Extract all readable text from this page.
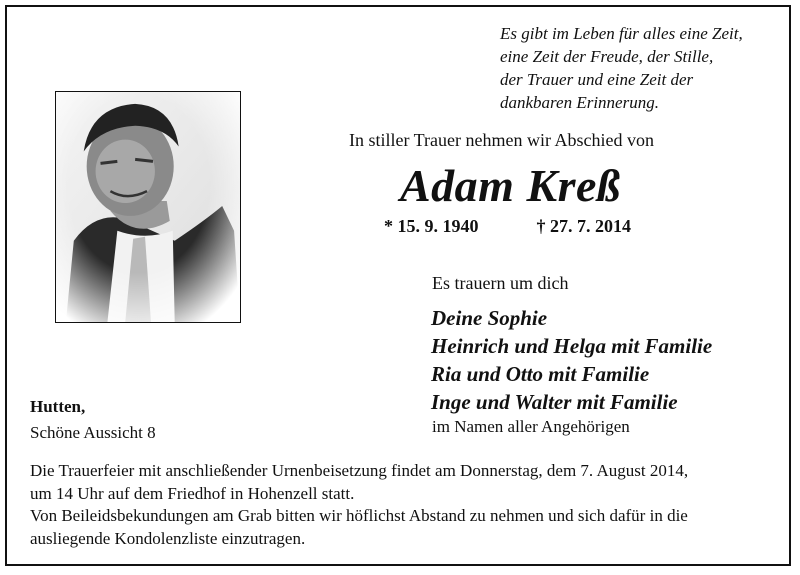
Es gibt im Leben für alles eine Zeit,
eine Zeit der Freude, der Stille,
der Trauer und eine Zeit der
dankbaren Erinnerung.
In stiller Trauer nehmen wir Abschied von
Adam Kreß
* 15. 9. 1940	† 27. 7. 2014
Es trauern um dich
Deine Sophie
Heinrich und Helga mit Familie
Ria und Otto mit Familie
Inge und Walter mit Familie
im Namen aller Angehörigen
Hutten,
Schöne Aussicht 8
Die Trauerfeier mit anschließender Urnenbeisetzung findet am Donnerstag, dem 7. August 2014,
um 14 Uhr auf dem Friedhof in Hohenzell statt.
Von Beileidsbekundungen am Grab bitten wir höflichst Abstand zu nehmen und sich dafür in die
ausliegende Kondolenzliste einzutragen.
